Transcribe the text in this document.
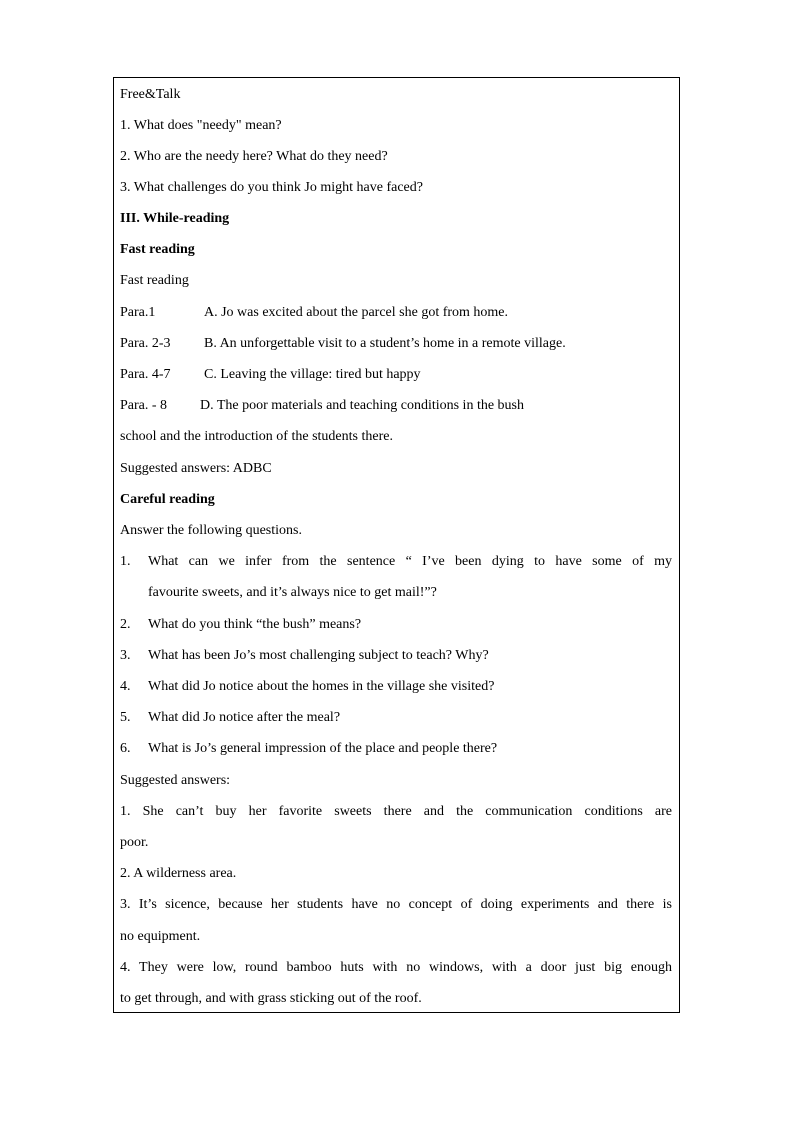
Free&Talk
1. What does "needy" mean?
2. Who are the needy here? What do they need?
3. What challenges do you think Jo might have faced?
III. While-reading
Fast reading
Fast reading
Para.1	A. Jo was excited about the parcel she got from home.
Para. 2-3 B. An unforgettable visit to a student’s home in a remote village.
Para. 4-7 C. Leaving the village: tired but happy
Para. - 8 D. The poor materials and teaching conditions in the bush
school and the introduction of the students there.
Suggested answers: ADBC
Careful reading
Answer the following questions.
1. What can we infer from the sentence “ I’ve been dying to have some of my
favourite sweets, and it’s always nice to get mail!”?
2. What do you think “the bush” means?
3. What has been Jo’s most challenging subject to teach? Why?
4. What did Jo notice about the homes in the village she visited?
5. What did Jo notice after the meal?
6. What is Jo’s general impression of the place and people there?
Suggested answers:
1. She can’t buy her favorite sweets there and the communication conditions are
poor.
2. A wilderness area.
3. It’s sicence, because her students have no concept of doing experiments and there is
no equipment.
4. They were low, round bamboo huts with no windows, with a door just big enough
to get through, and with grass sticking out of the roof.
